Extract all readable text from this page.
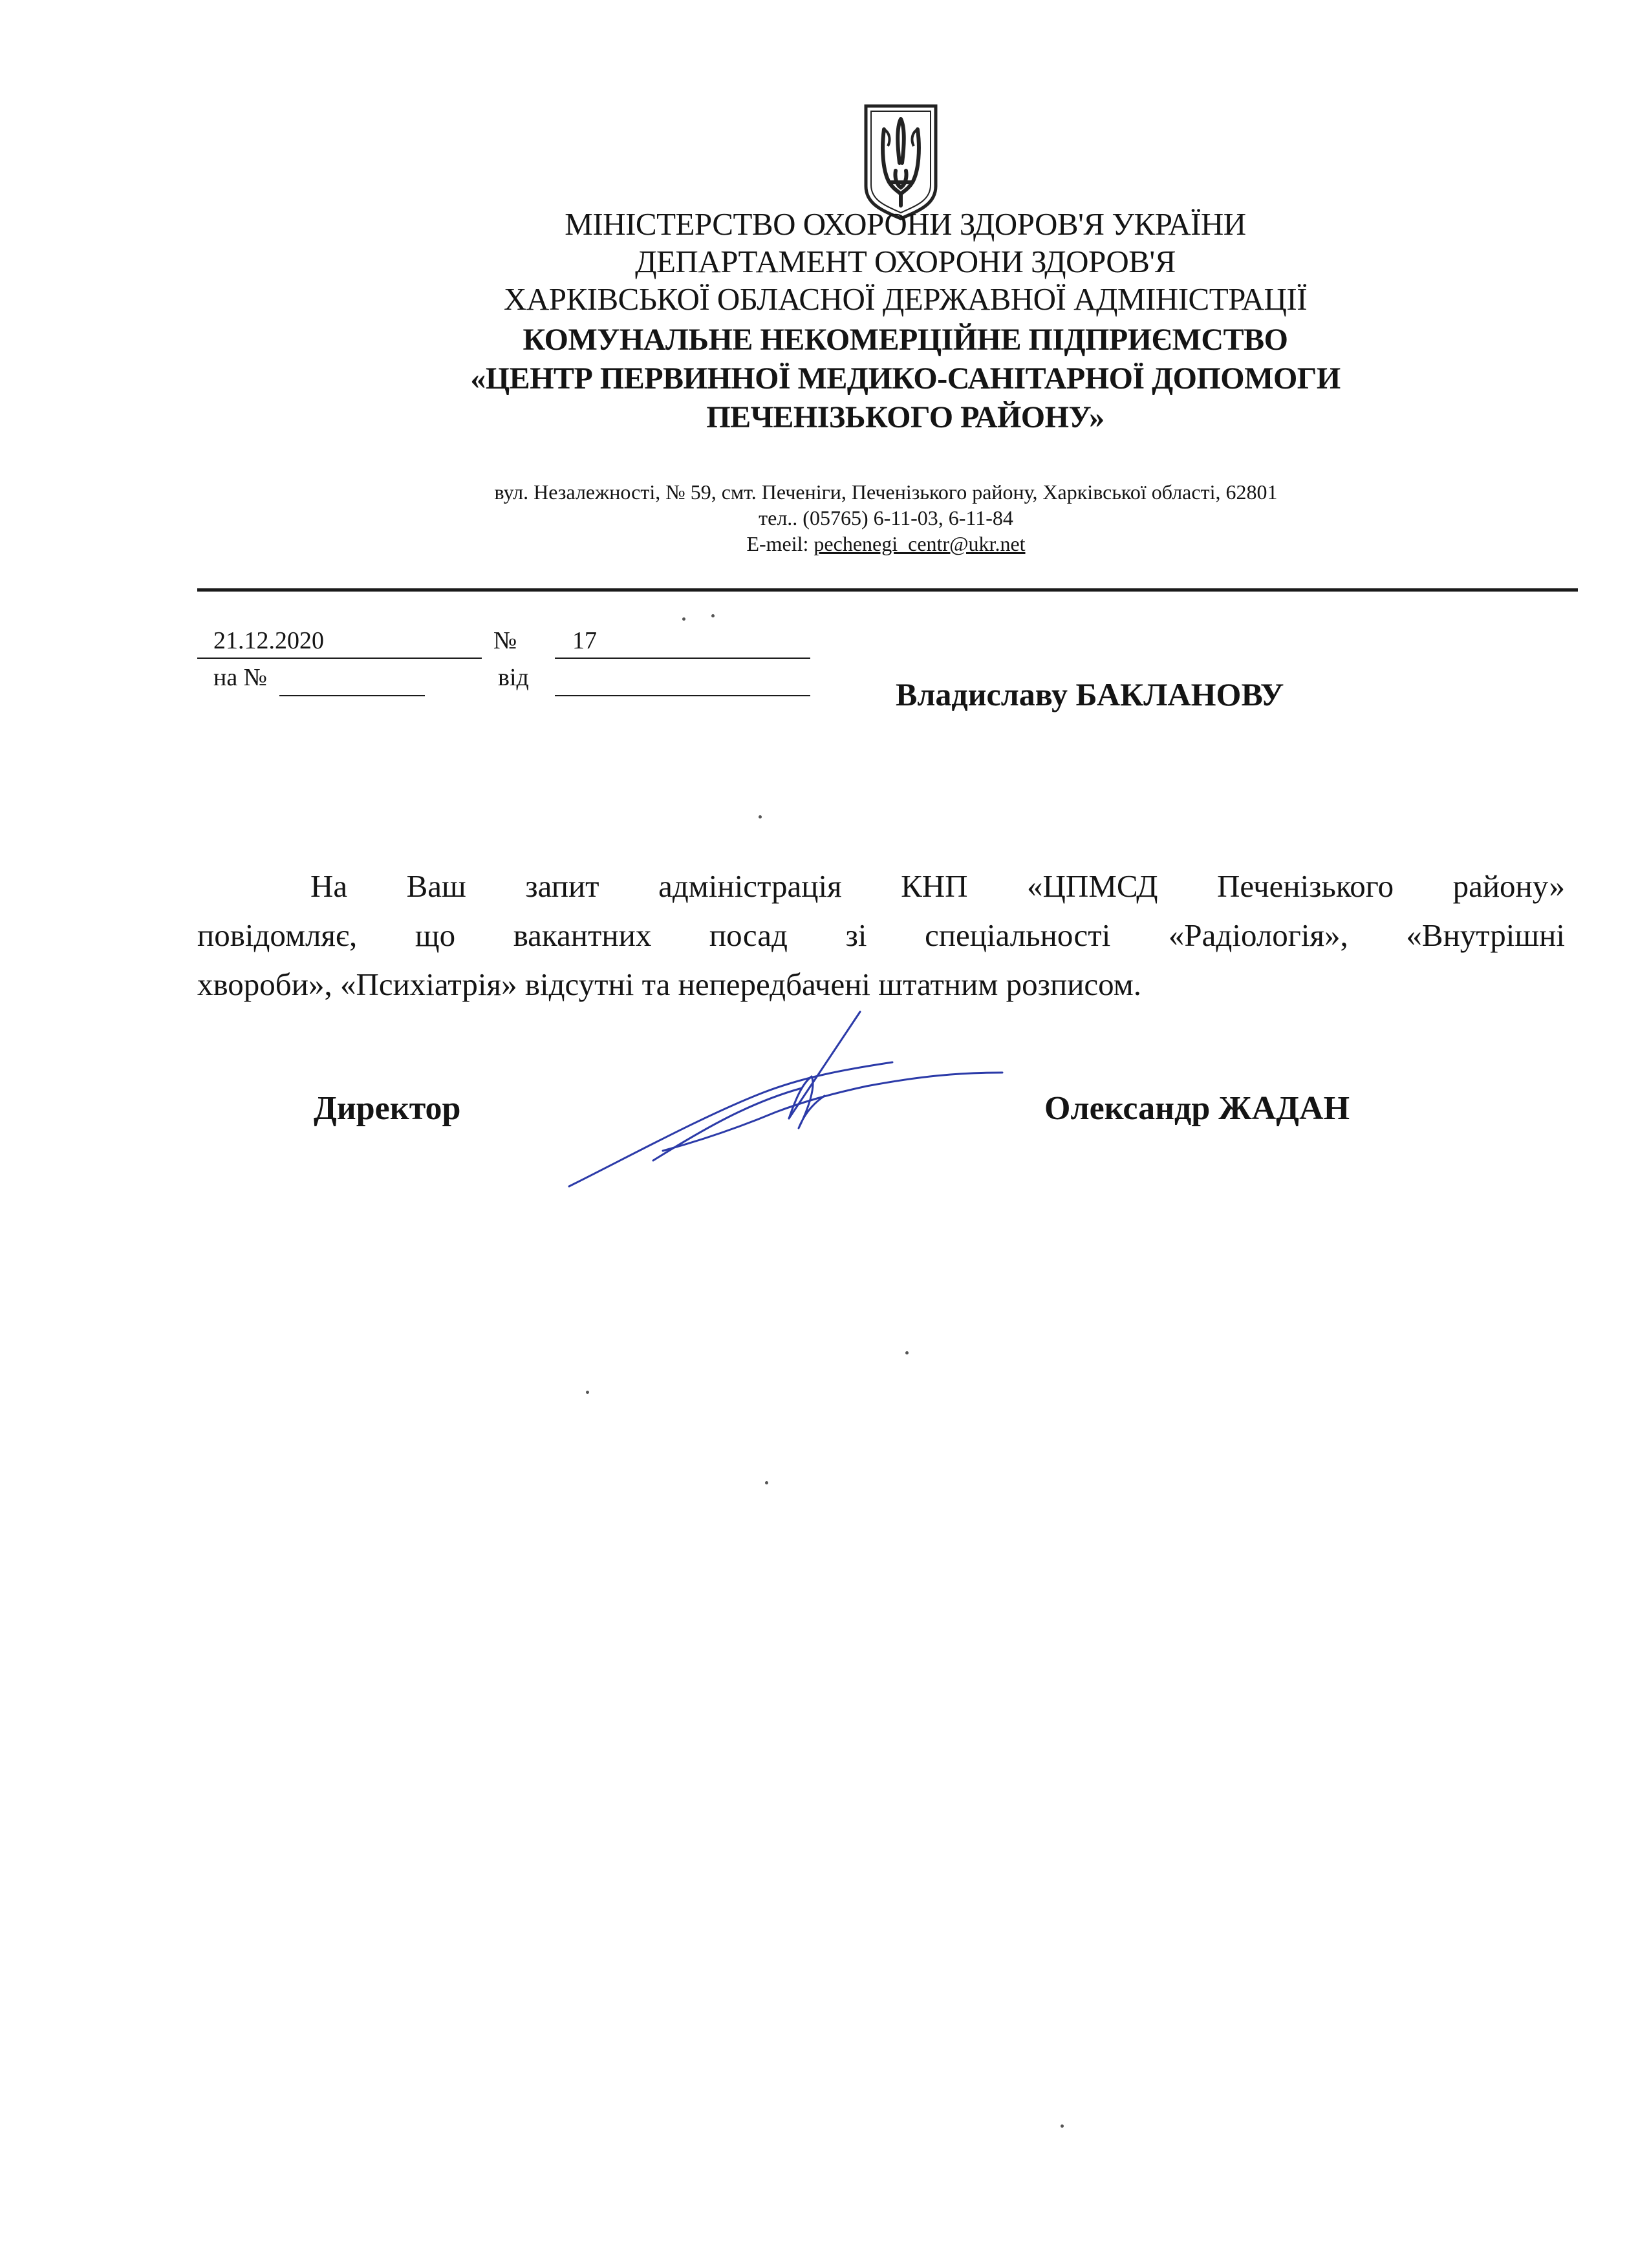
МІНІСТЕРСТВО ОХОРОНИ ЗДОРОВ'Я УКРАЇНИ
ДЕПАРТАМЕНТ ОХОРОНИ ЗДОРОВ'Я
ХАРКІВСЬКОЇ ОБЛАСНОЇ ДЕРЖАВНОЇ АДМІНІСТРАЦІЇ
КОМУНАЛЬНЕ НЕКОМЕРЦІЙНЕ ПІДПРИЄМСТВО
«ЦЕНТР ПЕРВИННОЇ МЕДИКО-САНІТАРНОЇ ДОПОМОГИ
ПЕЧЕНІЗЬКОГО РАЙОНУ»
вул. Незалежності, № 59, смт. Печеніги, Печенізького району, Харківської області, 62801
тел.. (05765) 6-11-03, 6-11-84
E-meil: pechenegi_centr@ukr.net
21.12.2020	№ 17
на №	від	Владиславу БАКЛАНОВУ
На Ваш запит адміністрація КНП «ЦПМСД Печенізького району»
повідомляє, що вакантних посад зі спеціальності «Радіологія», «Внутрішні
хвороби», «Психіатрія» відсутні та непередбачені штатним розписом.
Директор	Олександр ЖАДАН
